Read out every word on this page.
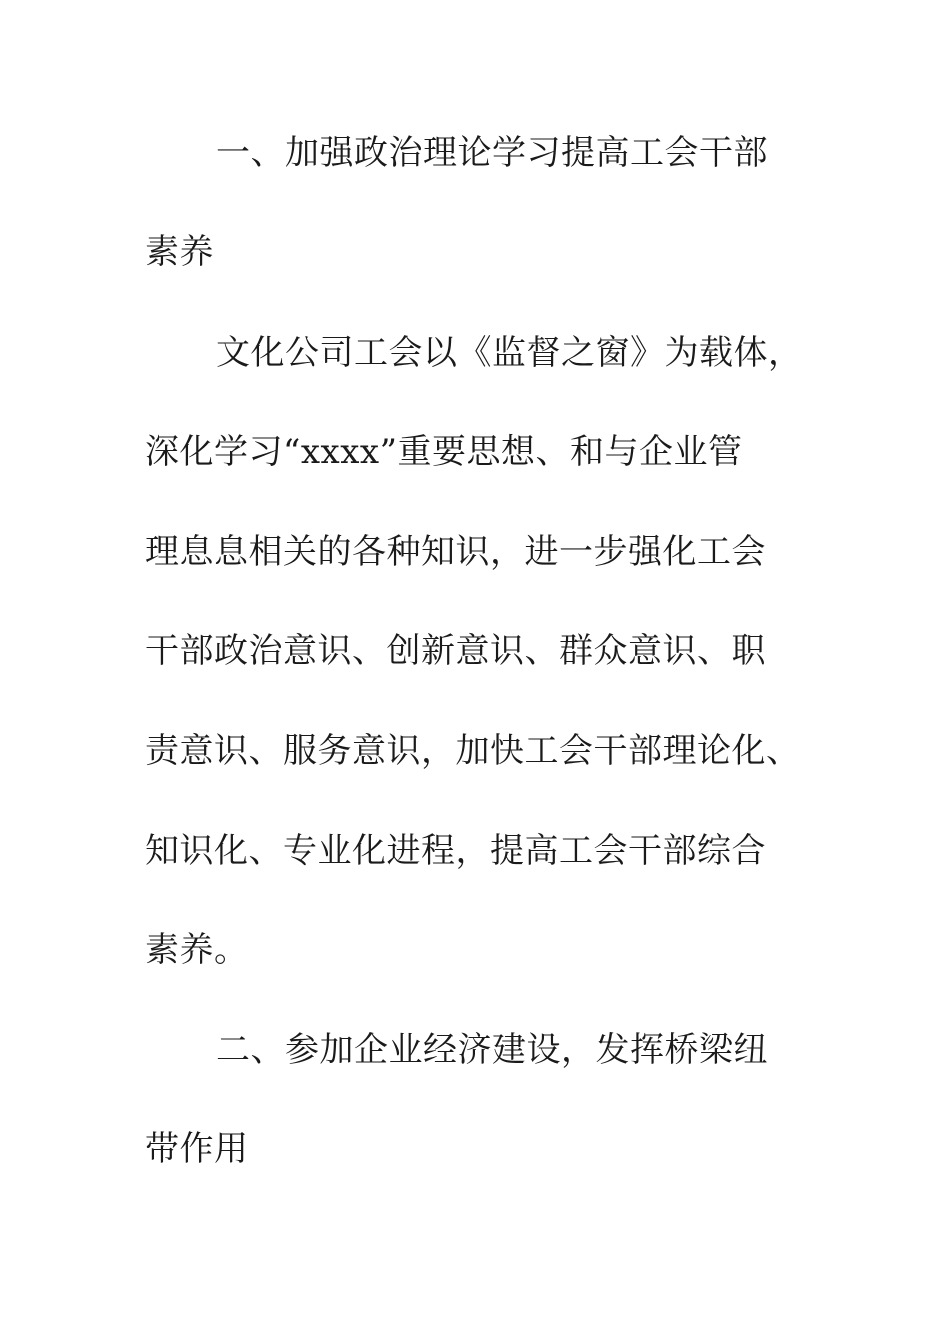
一、加强政治理论学习提高工会干部
素养
文化公司工会以《监督之窗》为载体，
深化学习“xxxx”重要思想、和与企业管
理息息相关的各种知识，进一步强化工会
干部政治意识、创新意识、群众意识、职
责意识、服务意识，加快工会干部理论化、
知识化、专业化进程，提高工会干部综合
素养。
二、参加企业经济建设，发挥桥梁纽
带作用
